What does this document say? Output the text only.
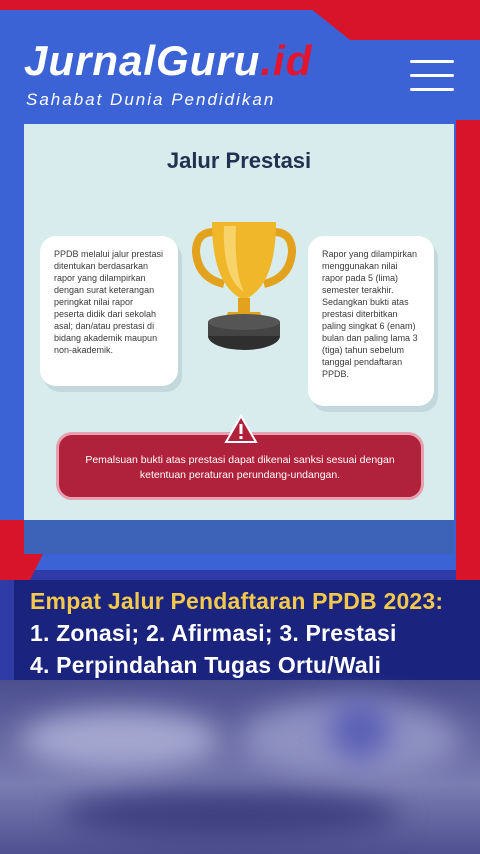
JurnalGuru.id
Sahabat Dunia Pendidikan
Jalur Prestasi
PPDB melalui jalur prestasi ditentukan berdasarkan rapor yang dilampirkan dengan surat keterangan peringkat nilai rapor peserta didik dari sekolah asal; dan/atau prestasi di bidang akademik maupun non-akademik.
Rapor yang dilampirkan menggunakan nilai rapor pada 5 (lima) semester terakhir. Sedangkan bukti atas prestasi diterbitkan paling singkat 6 (enam) bulan dan paling lama 3 (tiga) tahun sebelum tanggal pendaftaran PPDB.
Pemalsuan bukti atas prestasi dapat dikenai sanksi sesuai dengan ketentuan peraturan perundang-undangan.
Empat Jalur Pendaftaran PPDB 2023:
1. Zonasi; 2. Afirmasi; 3. Prestasi
4. Perpindahan Tugas Ortu/Wali
